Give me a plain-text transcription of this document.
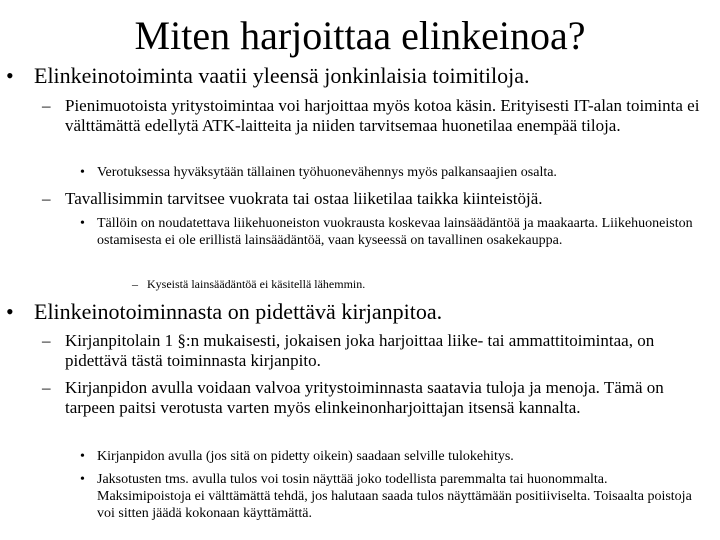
Miten harjoittaa elinkeinoa?
• Elinkeinotoiminta vaatii yleensä jonkinlaisia toimitiloja.
– Pienimuotoista yritystoimintaa voi harjoittaa myös kotoa käsin. Erityisesti IT-alan toiminta ei välttämättä edellytä ATK-laitteita ja niiden tarvitsemaa huonetilaa enempää tiloja.
• Verotuksessa hyväksytään tällainen työhuonevähennys myös palkansaajien osalta.
– Tavallisimmin tarvitsee vuokrata tai ostaa liiketilaa taikka kiinteistöjä.
• Tällöin on noudatettava liikehuoneiston vuokrausta koskevaa lainsäädäntöä ja maakaarta. Liikehuoneiston ostamisesta ei ole erillistä lainsäädäntöä, vaan kyseessä on tavallinen osakekauppa.
– Kyseistä lainsäädäntöä ei käsitellä lähemmin.
• Elinkeinotoiminnasta on pidettävä kirjanpitoa.
– Kirjanpitolain 1 §:n mukaisesti, jokaisen joka harjoittaa liike- tai ammattitoimintaa, on pidettävä tästä toiminnasta kirjanpito.
– Kirjanpidon avulla voidaan valvoa yritystoiminnasta saatavia tuloja ja menoja. Tämä on tarpeen paitsi verotusta varten myös elinkeinonharjoittajan itsensä kannalta.
• Kirjanpidon avulla (jos sitä on pidetty oikein) saadaan selville tulokehitys.
• Jaksotusten tms. avulla tulos voi tosin näyttää joko todellista paremmalta tai huonommalta. Maksimipoistoja ei välttämättä tehdä, jos halutaan saada tulos näyttämään positiiviselta. Toisaalta poistoja voi sitten jäädä kokonaan käyttämättä.
